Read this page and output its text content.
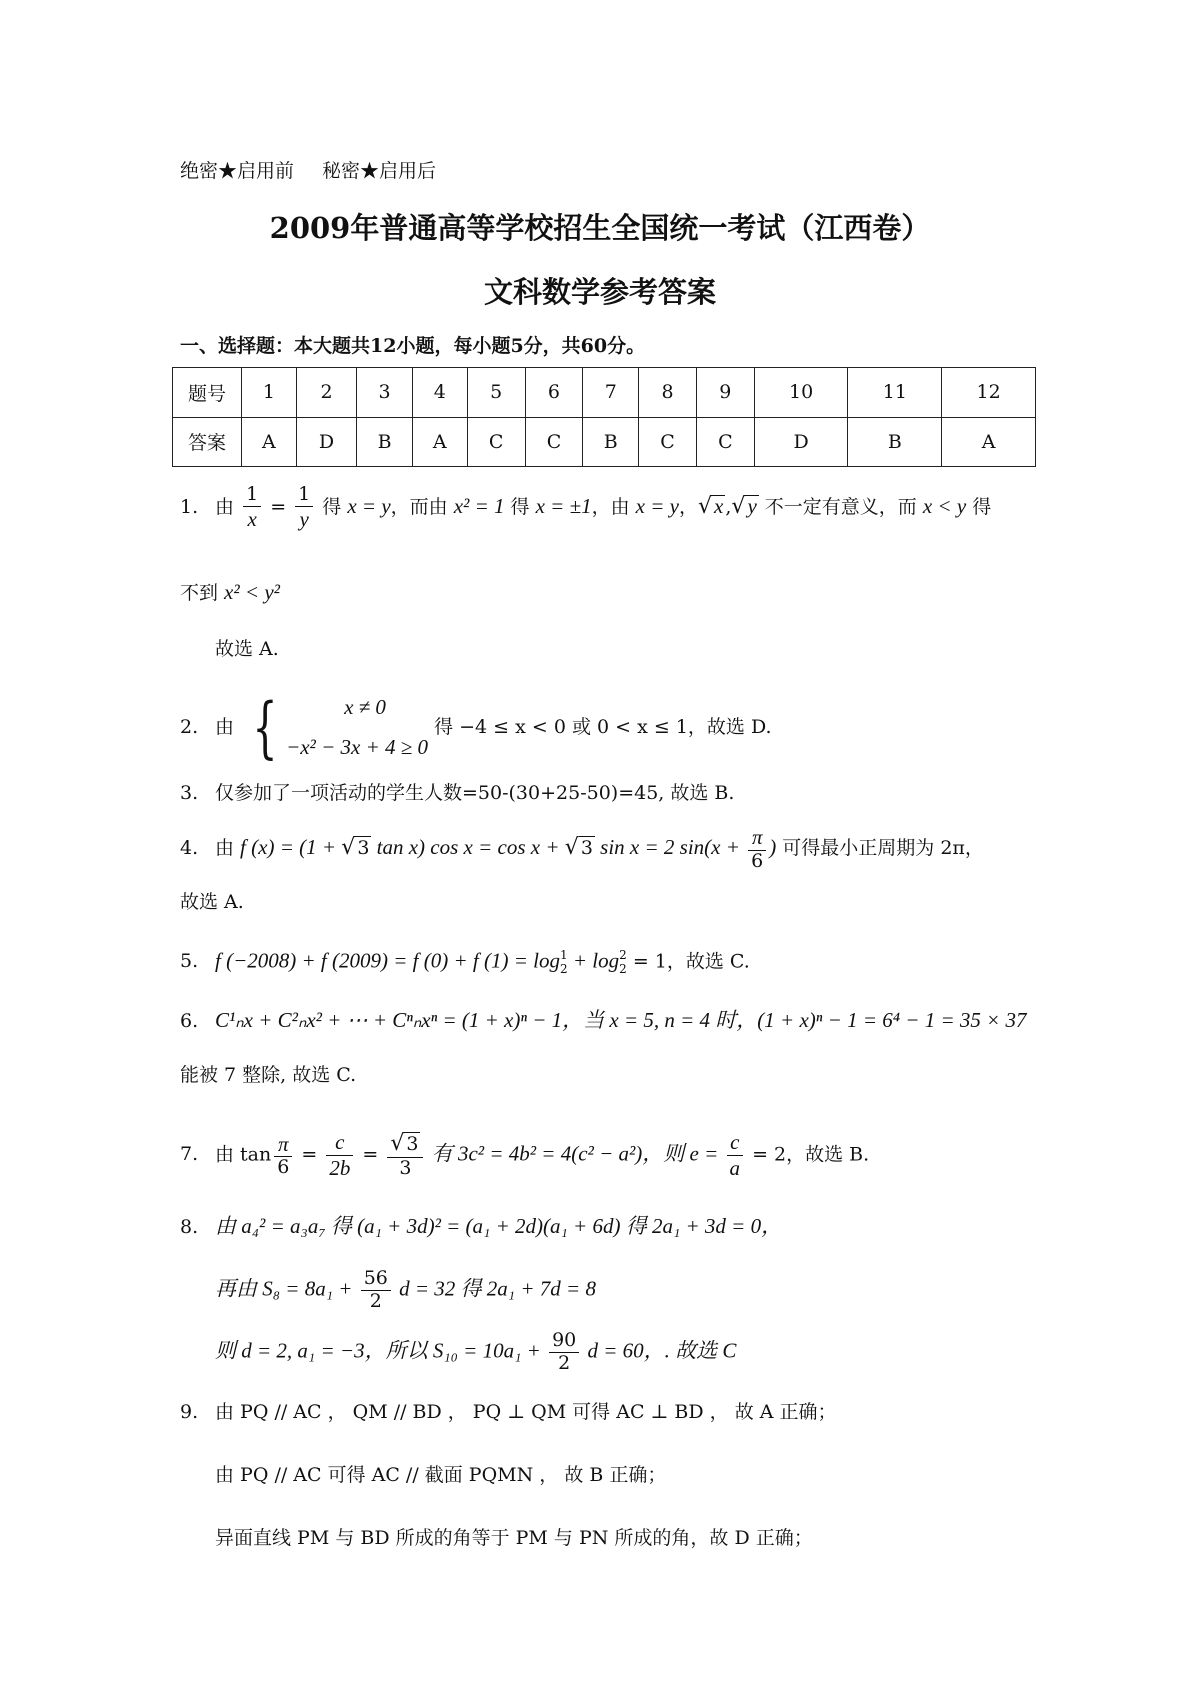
绝密★启用前 秘密★启用后
2009年普通高等学校招生全国统一考试（江西卷）
文科数学参考答案
一、选择题：本大题共12小题，每小题5分，共60分。
题号	1	2	3	4	5	6	7	8	9	10	11	12
答案	A	D	B	A	C	C	B	C	C	D	B	A
1. 由 $\frac{1}{x} = \frac{1}{y}$ 得 x = y，而由 x² = 1 得 x = ±1，由 x = y，√x ,√y 不一定有意义，而 x < y 得
不到 x² < y²
故选 A.
2. 由 {	x ≠ 0
−x² − 3x + 4 ≥ 0
得 −4 ≤ x < 0 或 0 < x ≤ 1，故选 D.
3. 仅参加了一项活动的学生人数=50-(30+25-50)=45, 故选 B.
4. 由 f (x) = (1 + √ 3 tan x) cos x = cos x + √ 3 sin x = 2 $\sin(x + \frac{\pi}{6}$ ) 可得最小正周期为 2π，
故选 A.
5. f (−2008) + f (2009) = f (0) + f (1) = log 1
2 + log 2
2 = 1，故选 C.
6. C¹ₙx + C²ₙx² + ⋯ + Cⁿₙxⁿ = (1 + x)ⁿ − 1，当 x = 5, n = 4 时，(1 + x)ⁿ − 1 = 6⁴ − 1 = 35 × 37
能被 7 整除, 故选 C.
7. 由 $\tan \frac{\pi}{6} = \frac{c}{2b} = \frac{√ 3}{3}$ 有 3c² = 4b² = 4(c² − a²)，则 $e = \frac{c}{a} = 2$，故选 B.
8. 由 a₄² = a₃a₇ 得 (a₁ + 3d)² = (a₁ + 2d)(a₁ + 6d) 得 2a₁ + 3d = 0，
再由 $S_8 = 8a_1 + \frac{56}{2}$ d = 32 得 2a₁ + 7d = 8
则 d = 2, a₁ = −3，所以 $S_{10} = 10a_1 + \frac{90}{2}$ d = 60，. 故选 C
9. 由 PQ // AC ， QM // BD ， PQ ⊥ QM 可得 AC ⊥ BD ， 故 A 正确；
由 PQ // AC 可得 AC // 截面 PQMN ， 故 B 正确；
异面直线 PM 与 BD 所成的角等于 PM 与 PN 所成的角，故 D 正确；
